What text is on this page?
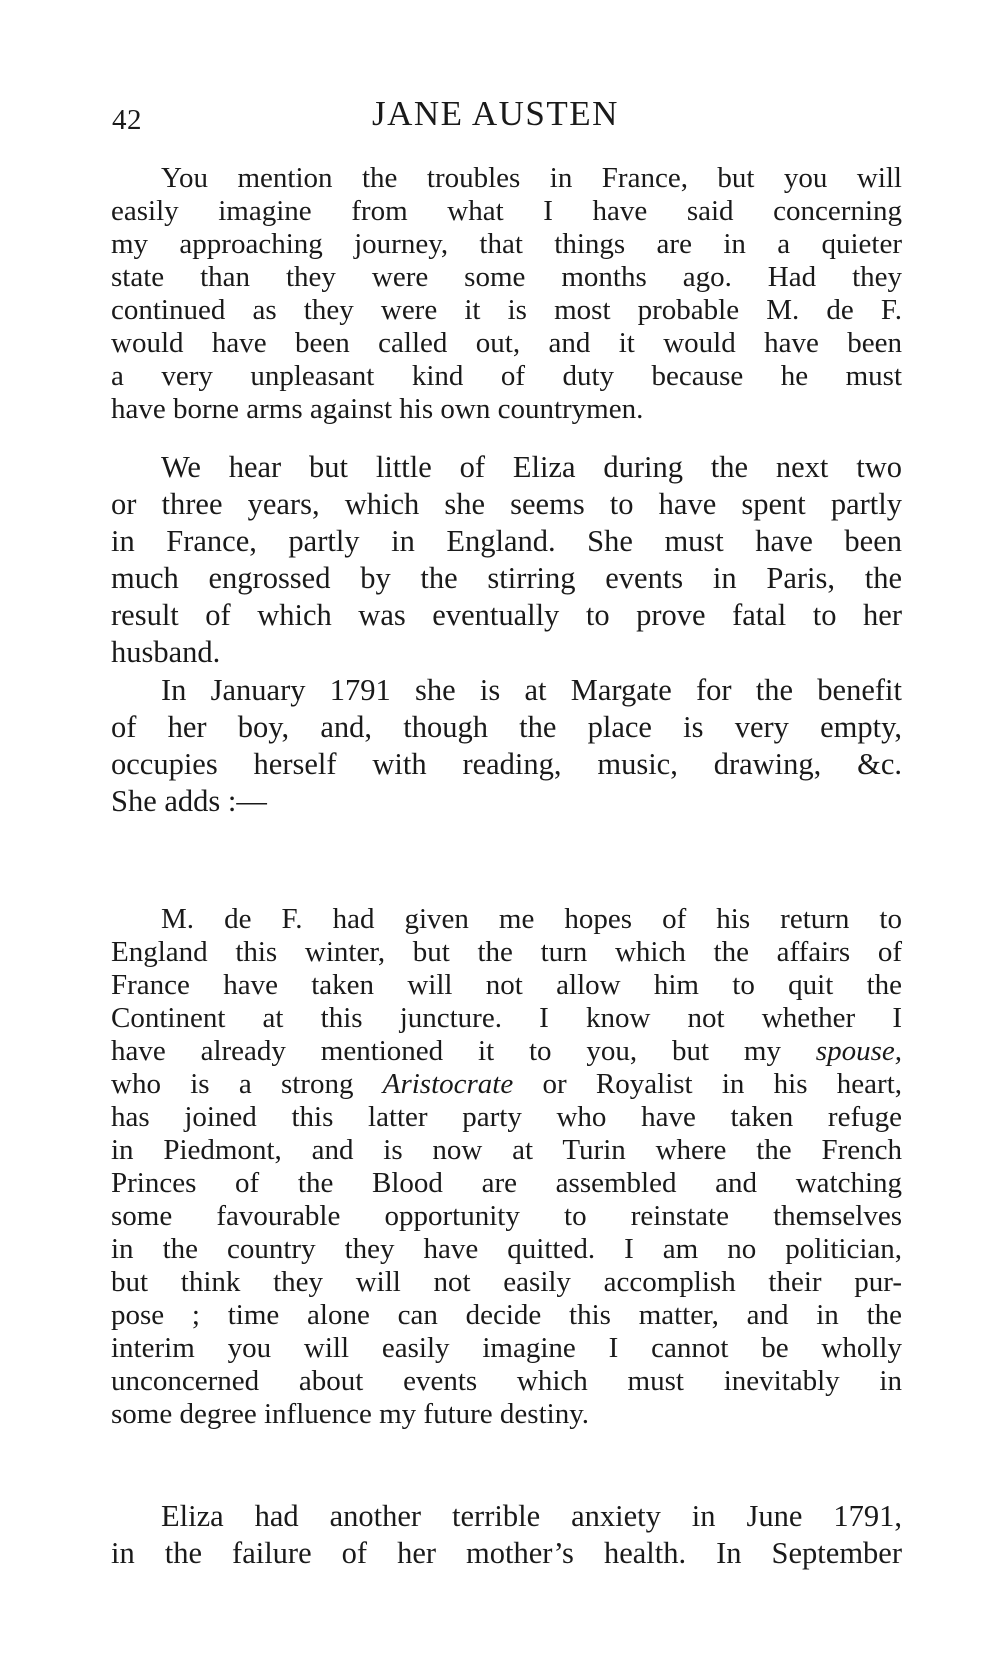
42	JANE AUSTEN
You mention the troubles in France, but you will
easily imagine from what I have said concerning
my approaching journey, that things are in a quieter
state than they were some months ago. Had they
continued as they were it is most probable M. de F.
would have been called out, and it would have been
a very unpleasant kind of duty because he must
have borne arms against his own countrymen.
We hear but little of Eliza during the next two
or three years, which she seems to have spent partly
in France, partly in England. She must have been
much engrossed by the stirring events in Paris, the
result of which was eventually to prove fatal to her
husband.
In January 1791 she is at Margate for the benefit
of her boy, and, though the place is very empty,
occupies herself with reading, music, drawing, &c.
She adds :—
M. de F. had given me hopes of his return to
England this winter, but the turn which the affairs of
France have taken will not allow him to quit the
Continent at this juncture. I know not whether I
have already mentioned it to you, but my spouse,
who is a strong Aristocrate or Royalist in his heart,
has joined this latter party who have taken refuge
in Piedmont, and is now at Turin where the French
Princes of the Blood are assembled and watching
some favourable opportunity to reinstate themselves
in the country they have quitted. I am no politician,
but think they will not easily accomplish their pur-
pose ; time alone can decide this matter, and in the
interim you will easily imagine I cannot be wholly
unconcerned about events which must inevitably in
some degree influence my future destiny.
Eliza had another terrible anxiety in June 1791,
in the failure of her mother’s health. In September
